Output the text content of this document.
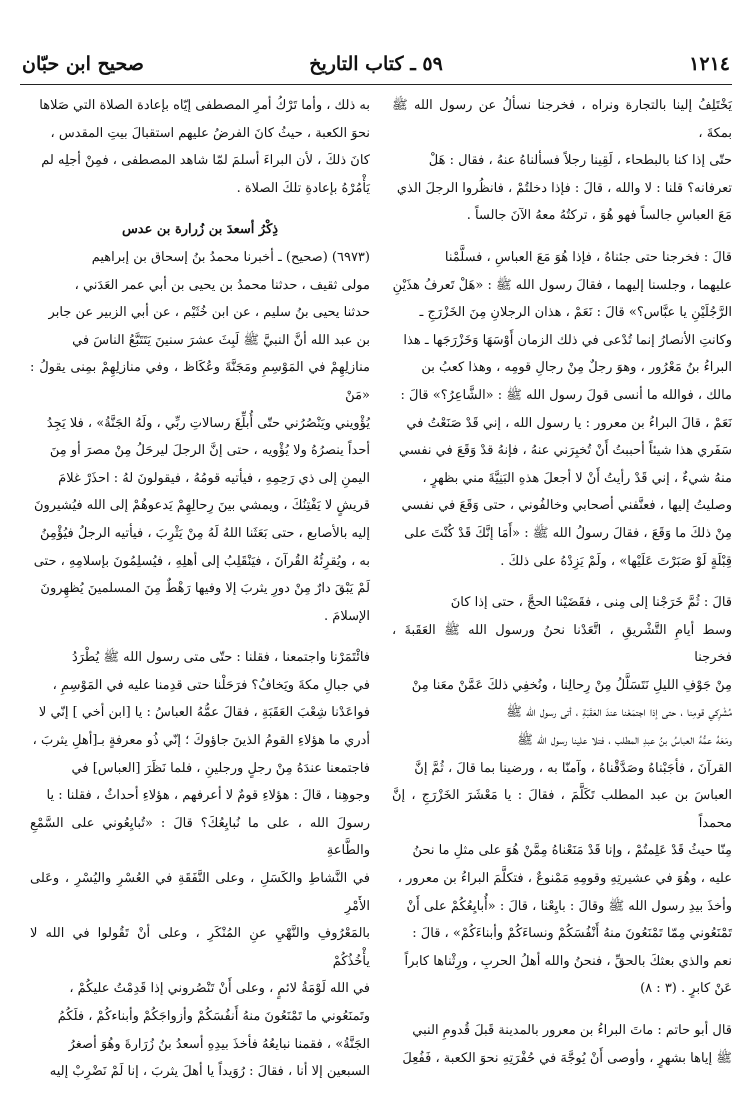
١٢١٤
٥٩ ـ كتاب التاريخ
صحيح ابن حبّان

يَخْتَلِفُ إلينا بالتجارة ونراه ، فخرجنا نسألُ عن رسول الله ﷺ بمكةَ ،

حتّى إذا كنا بالبطحاء ، لَقِينا رجلاً فسألناهُ عنهُ ، فقال : هَلْ

تعرفانه؟ قلنا : لا والله ، قالَ : فإذا دخلتُمْ ، فانظُروا الرجلَ الذي

مَعَ العباسِ جالساً فهو هُوَ ، تركتُهُ معهُ الآنَ جالساً .

قالَ : فخرجنا حتى جئناهُ ، فإذا هُوَ مَعَ العباسِ ، فسلَّمْنا

عليهما ، وجلسنا إليهما ، فقالَ رسول الله ﷺ : «هَلْ تَعرفُ هذَيْنِ

الرَّجُلَيْنِ يا عبَّاس؟» قالَ : نَعَمْ ، هذان الرجلانِ مِنَ الخَزْرَجِ ـ

وكانتِ الأنصارُ إنما تُدْعى في ذلك الزمان أَوْسَهَا وَخَزْرَجَها ـ هذا

البراءُ بنُ مَعْرُور ، وهوَ رجلٌ مِنْ رجالِ قومِه ، وهذا كعبُ بن

مالك ، فوالله ما أنسى قولَ رسول الله ﷺ : «الشَّاعِرُ؟» قالَ :

نَعَمْ ، قالَ البراءُ بن معرور : يا رسول الله ، إني قَدْ صَنَعْتُ في

سَفَري هذا شيئاً أحببتُ أَنْ تُخبِرَني عنهُ ، فإنهُ قدْ وَقَعَ في نفسي

منهُ شيءٌ ، إني قَدْ رأيتُ أَنْ لا أجعلَ هذهِ البَنِيَّةَ مني بظهرٍ ،

وصليتُ إليها ، فعنَّفني أصحابي وخالفُوني ، حتى وَقَعَ في نفسي

مِنْ ذلكَ ما وَقَعَ ، فقالَ رسولُ الله ﷺ : «أَمَا إنَّكَ قَدْ كُنْتَ على

قِبْلَةٍ لَوْ صَبَرْتَ عَلَيْها» ، ولَمْ يَزِدْهُ على ذلكَ .

قالَ : ثُمَّ خَرَجْنا إلى مِنى ، فقَضَيْنا الحجَّ ، حتى إذا كانَ

وسط أيامِ التَّشْريقِ ، اتَّعَدْنا نحنُ ورسول الله ﷺ العَقَبةَ ، فخرجنا

مِنْ جَوْفِ الليلِ نَتَسَلَّلُ مِنْ رِحالِنا ، ونُخفِي ذلكَ عَمَّنْ معَنا مِنْ

مُشْرِكي قومِنا ، حتى إذا اجتمَعْنا عندَ العَقَبَةِ ، أتى رسول الله ﷺ

ومَعَهُ عمُّهُ العباسُ بنُ عبدِ المطلب ، فتلا علينا رسول الله ﷺ

القرآنَ ، فأجَبْناهُ وصَدَّقْناهُ ، وآمنّا به ، ورضينا بما قالَ ، ثُمَّ إنَّ

العباسَ بن عبد المطلب تَكَلَّمَ ، فقالَ : يا مَعْشَرَ الخَزْرَجِ ، إنَّ محمداً

مِنّا حيثُ قَدْ عَلِمتُمْ ، وإنا قَدْ مَنَعْناهُ مِمَّنْ هُوَ على مثلِ ما نحنُ

عليه ، وهُوَ في عشيرتِهِ وقومِهِ مَمْنوعٌ ، فتكلَّمَ البراءُ بن معرور ،

وأخذَ بيدِ رسول الله ﷺ وقالَ : بايِعْنا ، قالَ : «أُبايِعُكُمْ على أَنْ

تَمْنَعُوني مِمّا تَمْنَعُونَ منهُ أَنْفُسَكُمْ ونساءَكُمْ وأبناءَكُمْ» ، قالَ :

نعم والذي بعثكَ بالحقِّ ، فنحنُ والله أهلُ الحربِ ، ورِثْناها كابراً

عَنْ كابرٍ . (٣ : ٨)

قال أبو حاتم : ماتَ البراءُ بن معرور بالمدينة قَبلَ قُدومِ النبي

ﷺ إياها بشهرٍ ، وأوصى أَنْ يُوجَّهَ في حُفْرَتِهِ نحوَ الكعبة ، فَفُعِلَ

به ذلك ، وأما تَرْكُ أمرِ المصطفى إيّاه بإعادة الصلاة التي صَلاها

نحوَ الكعبة ، حيثُ كانَ الفرضُ عليهم استقبالَ بيتِ المقدس ،

كانَ ذلكَ ، لأن البراءَ أسلمَ لمّا شاهد المصطفى ، فمِنْ أجلِه لم

يَأْمُرْهُ بإعادةِ تلكَ الصلاة .

ذِكْرُ أسعدَ بن زُرارة بن عدس

(٦٩٧٣) (صحيح) ـ أخبرنا محمدُ بنُ إسحاق بن إبراهيم

مولى ثقيف ، حدثنا محمدُ بن يحيى بن أبي عمر العَدَني ،

حدثنا يحيى بنُ سليم ، عن ابن خُثَيْم ، عن أبي الزبير عن جابر

بن عبد الله أنَّ النبيَّ ﷺ لَبِثَ عشرَ سنينَ يَتَتَبَّعُ الناسَ في

منازلِهِمْ في المَوْسِمِ ومَجَنَّةَ وعُكَاظ ، وفي منازلِهِمْ بمِنى يقولُ : «مَنْ

يُؤْويني ويَنْصُرُني حتّى أُبلِّغَ رسالاتِ ربِّي ، ولَهُ الجَنَّةُ» ، فلا يَجِدُ

أحداً ينصرُهُ ولا يُؤْويه ، حتى إنَّ الرجلَ ليرحَلُ مِنْ مصرَ أو مِنَ

اليمنِ إلى ذي رَحِمِهِ ، فيأتيه قومُهُ ، فيقولونَ لهُ : احذَرْ غلامَ

قريشٍ لا يَفْتِنُكَ ، ويمشي بينَ رِحالِهِمْ يَدعوهُمْ إلى الله فيُشيرونَ

إليه بالأصابع ، حتى بَعَثَنا اللهُ لَهُ مِنْ يَثْرِبَ ، فيأتيه الرجلُ فيُؤْمِنُ

به ، ويُقرِئُهُ القُرآنَ ، فيَنْقَلِبُ إلى أهلِهِ ، فيُسلِمُونَ بإسلامِهِ ، حتى

لَمْ يَبْقَ دارٌ مِنْ دورِ يثربَ إلا وفيها رَهْطٌ مِنَ المسلمينَ يُظهِرونَ

الإسلامَ .

فائْتَمَرْنا واجتمعنا ، فقلنا : حتّى متى رسول الله ﷺ يُطْرَدُ

في جبالِ مكةَ ويَخافُ؟ فرَحَلْنا حتى قدِمنا عليه في المَوْسِمِ ،

فواعَدْنا شِعْبَ العَقَبَةِ ، فقالَ عمُّهُ العباسُ : يا [ابن أخي ] إنّي لا

أدري ما هؤلاءِ القومُ الذينَ جاؤوكَ ؛ إنّي ذُو معرفةٍ بـ[أهلِ يثربَ ،

فاجتمعنا عندَهُ مِنْ رجلٍ ورجلينِ ، فلما نَظَرَ [العباس] في

وجوهِنا ، قالَ : هؤلاءِ قومٌ لا أعرفهم ، هؤلاءِ أحداثٌ ، فقلنا : يا

رسولَ الله ، على ما نُبايِعُكَ؟ قالَ : «تُبايِعُوني على السَّمْعِ والطَّاعةِ

في النَّشاطِ والكَسَلِ ، وعلى النَّفَقَةِ في العُسْرِ واليُسْرِ ، وعَلى الأَمْرِ

بالمَعْرُوفِ والنَّهْيِ عنِ المُنْكَرِ ، وعلى أنْ تَقُولوا في الله لا يأْخُذُكُمْ

في الله لَوْمَةُ لائمٍ ، وعلى أَنْ تَنْصُروني إذا قَدِمْتُ عليكُمْ ،

وتَمنَعُوني ما تَمْنَعُونَ منهُ أَنفُسَكُمْ وأزواجَكُمْ وأبناءكُمْ ، فلَكُمُ

الجَنَّةُ» ، فقمنا نبايعُهُ فأخذَ بيدِهِ أسعدُ بنُ زُرَارةَ وهُوَ أصغرُ

السبعين إلا أنا ، فقالَ : رُوَيداً يا أهلَ يثربَ ، إنا لَمْ نَضْرِبْ إليه
